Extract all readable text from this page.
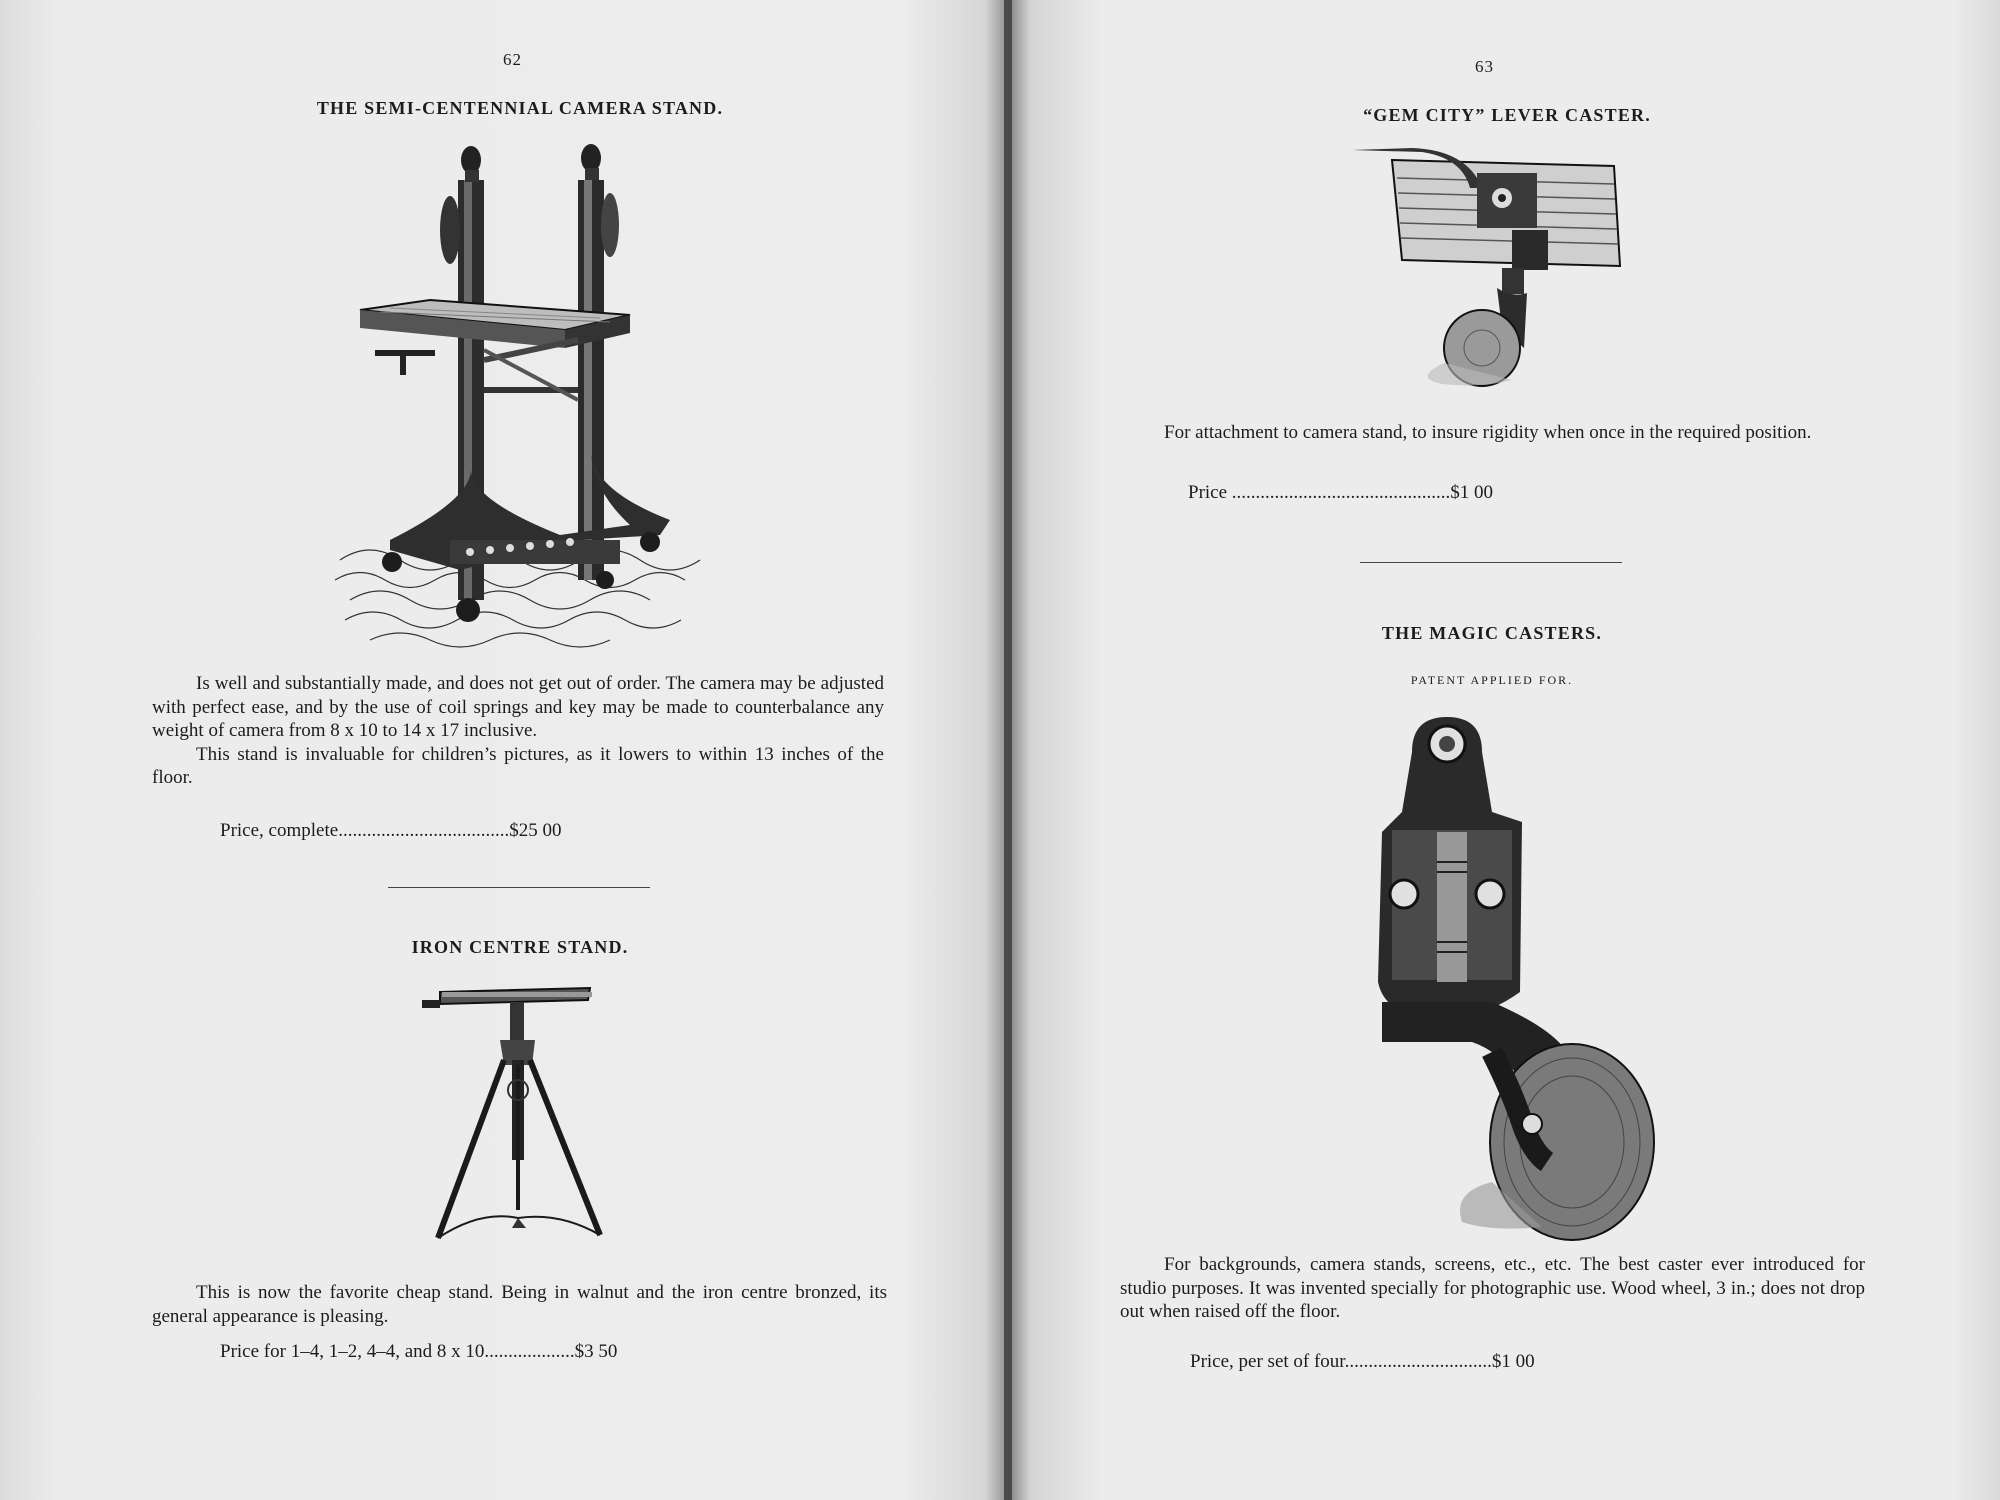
62
THE SEMI-CENTENNIAL CAMERA STAND.

Is well and substantially made, and does not get out of order. The camera may be adjusted with perfect ease, and by the use of coil springs and key may be made to counterbalance any weight of camera from 8 x 10 to 14 x 17 inclusive.

This stand is invaluable for children’s pictures, as it lowers to within 13 inches of the floor.

Price, complete....................................$25 00
IRON CENTRE STAND.

This is now the favorite cheap stand. Being in walnut and the iron centre bronzed, its general appearance is pleasing.

Price for 1–4, 1–2, 4–4, and 8 x 10...................$3 50
63
“GEM CITY” LEVER CASTER.

For attachment to camera stand, to insure rigidity when once in the required position.

Price ..............................................$1 00
THE MAGIC CASTERS.
PATENT APPLIED FOR.

For backgrounds, camera stands, screens, etc., etc. The best caster ever introduced for studio purposes. It was invented specially for photographic use. Wood wheel, 3 in.; does not drop out when raised off the floor.

Price, per set of four...............................$1 00
